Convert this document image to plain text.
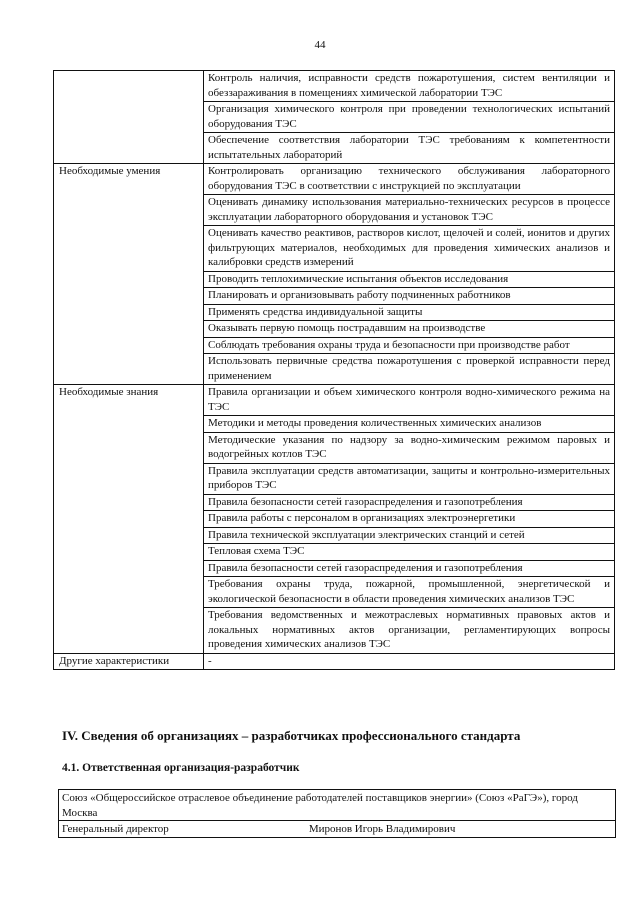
44
	Контроль наличия, исправности средств пожаротушения, систем вентиляции и обеззараживания в помещениях химической лаборатории ТЭС
	Организация химического контроля при проведении технологических испытаний оборудования ТЭС
	Обеспечение соответствия лаборатории ТЭС требованиям к компетентности испытательных лабораторий
Необходимые умения	Контролировать организацию технического обслуживания лабораторного оборудования ТЭС в соответствии с инструкцией по эксплуатации
	Оценивать динамику использования материально-технических ресурсов в процессе эксплуатации лабораторного оборудования и установок ТЭС
	Оценивать качество реактивов, растворов кислот, щелочей и солей, ионитов и других фильтрующих материалов, необходимых для проведения химических анализов и калибровки средств измерений
	Проводить теплохимические испытания объектов исследования
	Планировать и организовывать работу подчиненных работников
	Применять средства индивидуальной защиты
	Оказывать первую помощь пострадавшим на производстве
	Соблюдать требования охраны труда и безопасности при производстве работ
	Использовать первичные средства пожаротушения с проверкой исправности перед применением
Необходимые знания	Правила организации и объем химического контроля водно-химического режима на ТЭС
	Методики и методы проведения количественных химических анализов
	Методические указания по надзору за водно-химическим режимом паровых и водогрейных котлов ТЭС
	Правила эксплуатации средств автоматизации, защиты и контрольно-измерительных приборов ТЭС
	Правила безопасности сетей газораспределения и газопотребления
	Правила работы с персоналом в организациях электроэнергетики
	Правила технической эксплуатации электрических станций и сетей
	Тепловая схема ТЭС
	Правила безопасности сетей газораспределения и газопотребления
	Требования охраны труда, пожарной, промышленной, энергетической и экологической безопасности в области проведения химических анализов ТЭС
	Требования ведомственных и межотраслевых нормативных правовых актов и локальных нормативных актов организации, регламентирующих вопросы проведения химических анализов ТЭС
Другие характеристики	-
IV. Сведения об организациях – разработчиках профессионального стандарта
4.1. Ответственная организация-разработчик
Союз «Общероссийское отраслевое объединение работодателей поставщиков энергии» (Союз «РаГЭ»), город Москва
Генеральный директор	Миронов Игорь Владимирович
